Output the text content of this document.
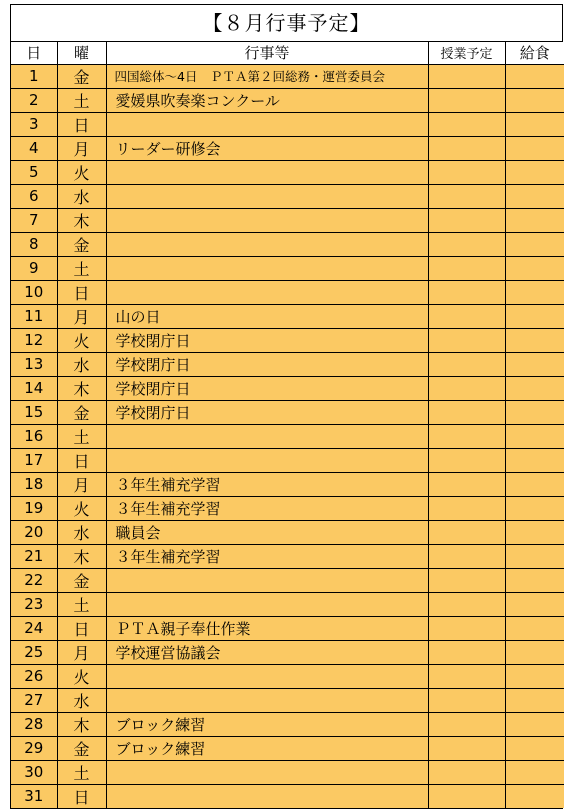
【８月行事予定】
日	曜	行事等	授業予定	給食
1	金	四国総体～4日　ＰＴＡ第２回総務・運営委員会		
2	土	愛媛県吹奏楽コンクール		
3	日			
4	月	リーダー研修会		
5	火			
6	水			
7	木			
8	金			
9	土			
10	日			
11	月	山の日		
12	火	学校閉庁日		
13	水	学校閉庁日		
14	木	学校閉庁日		
15	金	学校閉庁日		
16	土			
17	日			
18	月	３年生補充学習		
19	火	３年生補充学習		
20	水	職員会		
21	木	３年生補充学習		
22	金			
23	土			
24	日	ＰＴＡ親子奉仕作業		
25	月	学校運営協議会		
26	火			
27	水			
28	木	ブロック練習		
29	金	ブロック練習		
30	土			
31	日			
